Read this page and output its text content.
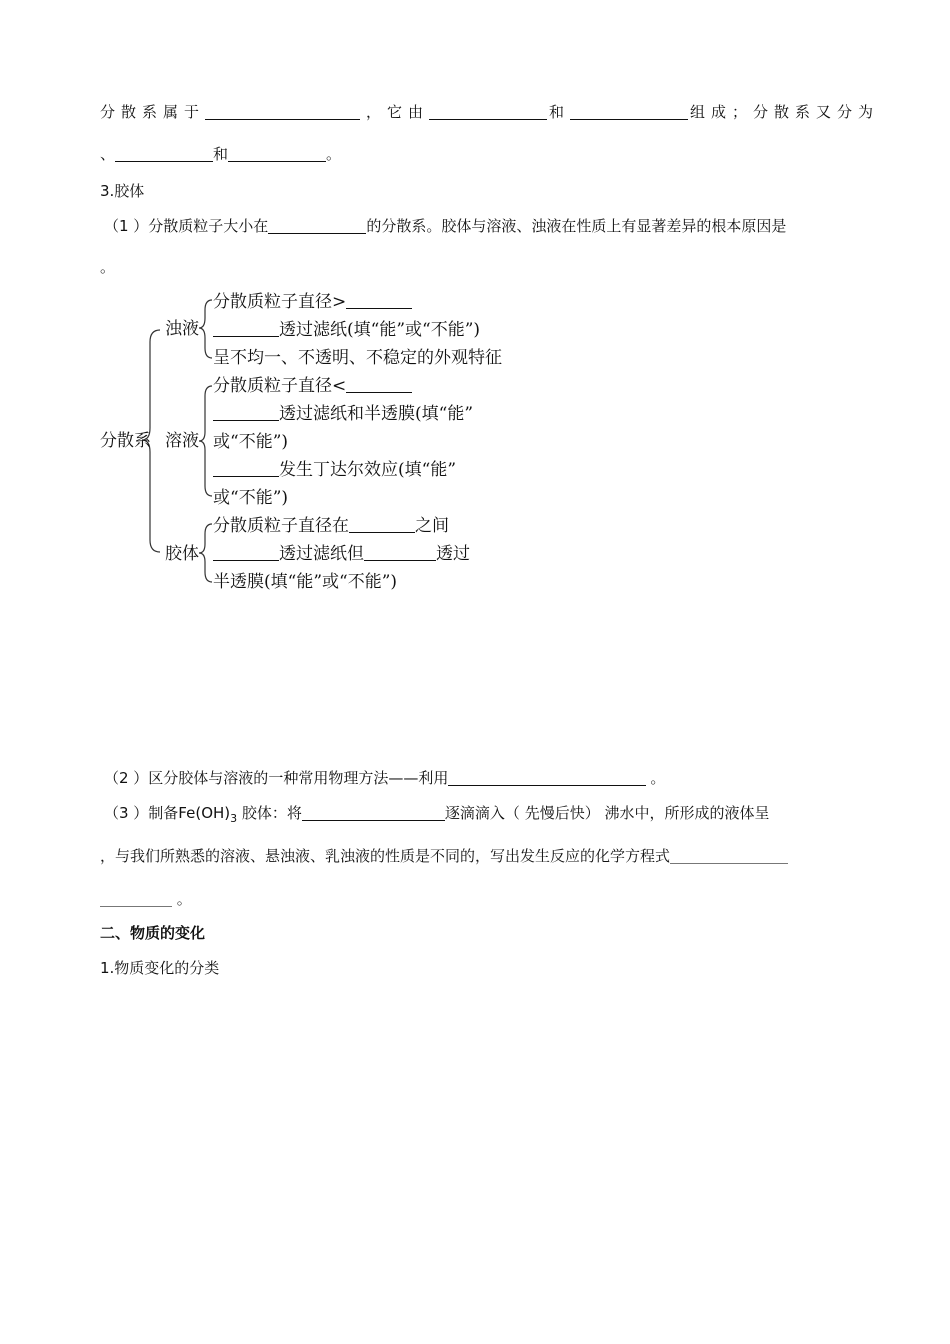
分散系属于	，它由	和	组成；分散系又分为
、	和	。
3.胶体
（1 ）分散质粒子大小在	的分散系。胶体与溶液、浊液在性质上有显著差异的根本原因是
。
分散系
浊液
分散质粒子直径>
透过滤纸(填“能”或“不能”)
呈不均一、不透明、不稳定的外观特征
溶液
分散质粒子直径<
透过滤纸和半透膜(填“能”
或“不能”)
发生丁达尔效应(填“能”
或“不能”)
胶体
分散质粒子直径在	之间
透过滤纸但	透过
半透膜(填“能”或“不能”)
（2 ）区分胶体与溶液的一种常用物理方法——利用	。
（3 ）制备$Fe(OH)_3$ 胶体：将	逐滴滴入（ 先慢后快） 沸水中，所形成的液体呈
，与我们所熟悉的溶液、悬浊液、乳浊液的性质是不同的，写出发生反应的化学方程式
。
二、物质的变化
1.物质变化的分类
